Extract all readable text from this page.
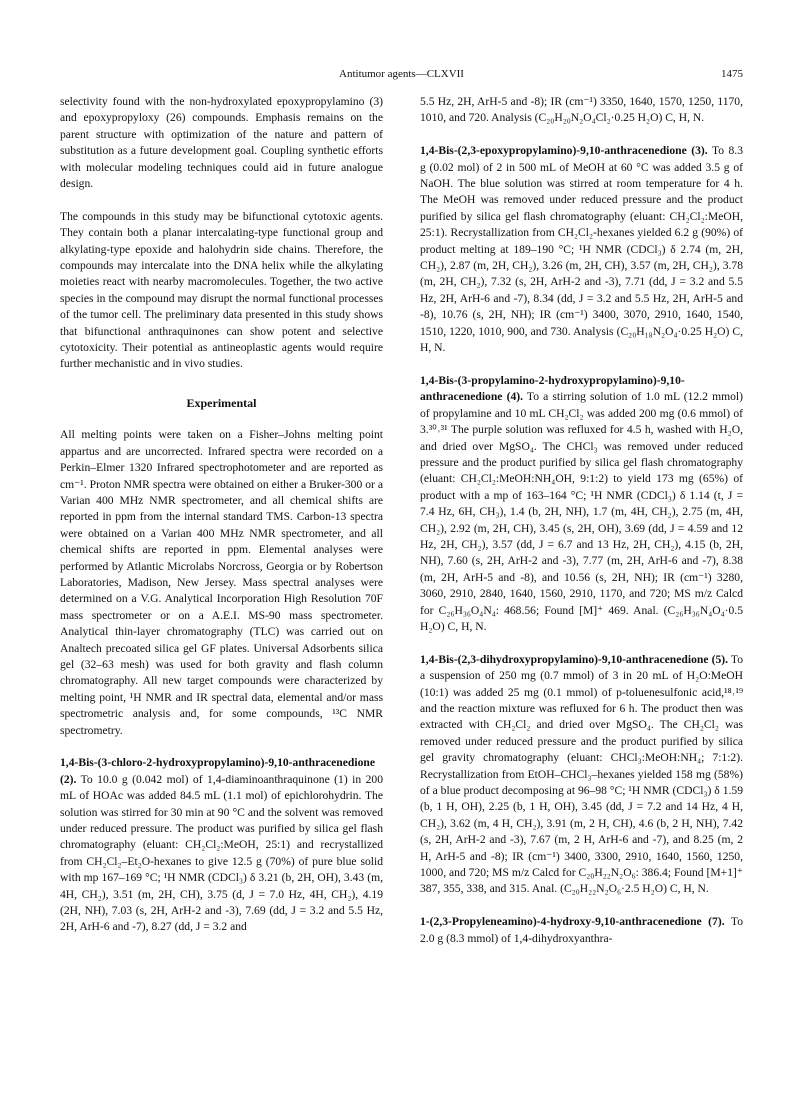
Antitumor agents—CLXVII	1475

selectivity found with the non-hydroxylated epoxypropylamino (3) and epoxypropyloxy (26) compounds. Emphasis remains on the parent structure with optimization of the nature and pattern of substitution as a future development goal. Coupling synthetic efforts with molecular modeling techniques could aid in future analogue design.

The compounds in this study may be bifunctional cytotoxic agents. They contain both a planar intercalating-type functional group and alkylating-type epoxide and halohydrin side chains. Therefore, the compounds may intercalate into the DNA helix while the alkylating moieties react with nearby macromolecules. Together, the two active species in the compound may disrupt the normal functional processes of the tumor cell. The preliminary data presented in this study shows that bifunctional anthraquinones can show potent and selective cytotoxicity. Their potential as antineoplastic agents would require further mechanistic and in vivo studies.

Experimental

All melting points were taken on a Fisher–Johns melting point appartus and are uncorrected. Infrared spectra were recorded on a Perkin–Elmer 1320 Infrared spectrophotometer and are reported as cm⁻¹. Proton NMR spectra were obtained on either a Bruker-300 or a Varian 400 MHz NMR spectrometer, and all chemical shifts are reported in ppm from the internal standard TMS. Carbon-13 spectra were obtained on a Varian 400 MHz NMR spectrometer, and all chemical shifts are reported in ppm. Elemental analyses were performed by Atlantic Microlabs Norcross, Georgia or by Robertson Laboratories, Madison, New Jersey. Mass spectral analyses were determined on a V.G. Analytical Incorporation High Resolution 70F mass spectrometer or on a A.E.I. MS-90 mass spectrometer. Analytical thin-layer chromatography (TLC) was carried out on Analtech precoated silica gel GF plates. Universal Adsorbents silica gel (32–63 mesh) was used for both gravity and flash column chromatography. All new target compounds were characterized by melting point, ¹H NMR and IR spectral data, elemental and/or mass spectrometric analysis and, for some compounds, ¹³C NMR spectrometry.

1,4-Bis-(3-chloro-2-hydroxypropylamino)-9,10-anthracenedione (2). To 10.0 g (0.042 mol) of 1,4-diaminoanthraquinone (1) in 200 mL of HOAc was added 84.5 mL (1.1 mol) of epichlorohydrin. The solution was stirred for 30 min at 90 °C and the solvent was removed under reduced pressure. The product was purified by silica gel flash chromatography (eluant: CH₂Cl₂:MeOH, 25:1) and recrystallized from CH₂Cl₂–Et₂O-hexanes to give 12.5 g (70%) of pure blue solid with mp 167–169 °C; ¹H NMR (CDCl₃) δ 3.21 (b, 2H, OH), 3.43 (m, 4H, CH₂), 3.51 (m, 2H, CH), 3.75 (d, J = 7.0 Hz, 4H, CH₂), 4.19 (2H, NH), 7.03 (s, 2H, ArH-2 and -3), 7.69 (dd, J = 3.2 and 5.5 Hz, 2H, ArH-6 and -7), 8.27 (dd, J = 3.2 and

5.5 Hz, 2H, ArH-5 and -8); IR (cm⁻¹) 3350, 1640, 1570, 1250, 1170, 1010, and 720. Analysis (C₂₀H₂₀N₂O₄Cl₂·0.25 H₂O) C, H, N.

1,4-Bis-(2,3-epoxypropylamino)-9,10-anthracenedione (3). To 8.3 g (0.02 mol) of 2 in 500 mL of MeOH at 60 °C was added 3.5 g of NaOH. The blue solution was stirred at room temperature for 4 h. The MeOH was removed under reduced pressure and the product purified by silica gel flash chromatography (eluant: CH₂Cl₂:MeOH, 25:1). Recrystallization from CH₂Cl₂-hexanes yielded 6.2 g (90%) of product melting at 189–190 °C; ¹H NMR (CDCl₃) δ 2.74 (m, 2H, CH₂), 2.87 (m, 2H, CH₂), 3.26 (m, 2H, CH), 3.57 (m, 2H, CH₂), 3.78 (m, 2H, CH₂), 7.32 (s, 2H, ArH-2 and -3), 7.71 (dd, J = 3.2 and 5.5 Hz, 2H, ArH-6 and -7), 8.34 (dd, J = 3.2 and 5.5 Hz, 2H, ArH-5 and -8), 10.76 (s, 2H, NH); IR (cm⁻¹) 3400, 3070, 2910, 1640, 1540, 1510, 1220, 1010, 900, and 730. Analysis (C₂₀H₁₈N₂O₄·0.25 H₂O) C, H, N.

1,4-Bis-(3-propylamino-2-hydroxypropylamino)-9,10-anthracenedione (4). To a stirring solution of 1.0 mL (12.2 mmol) of propylamine and 10 mL CH₂Cl₂ was added 200 mg (0.6 mmol) of 3.³⁰˒³¹ The purple solution was refluxed for 4.5 h, washed with H₂O, and dried over MgSO₄. The CHCl₃ was removed under reduced pressure and the product purified by silica gel flash chromatography (eluant: CH₂Cl₂:MeOH:NH₄OH, 9:1:2) to yield 173 mg (65%) of product with a mp of 163–164 °C; ¹H NMR (CDCl₃) δ 1.14 (t, J = 7.4 Hz, 6H, CH₃), 1.4 (b, 2H, NH), 1.7 (m, 4H, CH₂), 2.75 (m, 4H, CH₂), 2.92 (m, 2H, CH), 3.45 (s, 2H, OH), 3.69 (dd, J = 4.59 and 12 Hz, 2H, CH₂), 3.57 (dd, J = 6.7 and 13 Hz, 2H, CH₂), 4.15 (b, 2H, NH), 7.60 (s, 2H, ArH-2 and -3), 7.77 (m, 2H, ArH-6 and -7), 8.38 (m, 2H, ArH-5 and -8), and 10.56 (s, 2H, NH); IR (cm⁻¹) 3280, 3060, 2910, 2840, 1640, 1560, 2910, 1170, and 720; MS m/z Calcd for C₂₆H₃₆O₄N₄: 468.56; Found [M]⁺ 469. Anal. (C₂₆H₃₆N₄O₄·0.5 H₂O) C, H, N.

1,4-Bis-(2,3-dihydroxypropylamino)-9,10-anthracenedione (5). To a suspension of 250 mg (0.7 mmol) of 3 in 20 mL of H₂O:MeOH (10:1) was added 25 mg (0.1 mmol) of p-toluenesulfonic acid,¹⁸˒¹⁹ and the reaction mixture was refluxed for 6 h. The product then was extracted with CH₂Cl₂ and dried over MgSO₄. The CH₂Cl₂ was removed under reduced pressure and the product purified by silica gel gravity chromatography (eluant: CHCl₃:MeOH:NH₄; 7:1:2). Recrystallization from EtOH–CHCl₃–hexanes yielded 158 mg (58%) of a blue product decomposing at 96–98 °C; ¹H NMR (CDCl₃) δ 1.59 (b, 1 H, OH), 2.25 (b, 1 H, OH), 3.45 (dd, J = 7.2 and 14 Hz, 4 H, CH₂), 3.62 (m, 4 H, CH₂), 3.91 (m, 2 H, CH), 4.6 (b, 2 H, NH), 7.42 (s, 2H, ArH-2 and -3), 7.67 (m, 2 H, ArH-6 and -7), and 8.25 (m, 2 H, ArH-5 and -8); IR (cm⁻¹) 3400, 3300, 2910, 1640, 1560, 1250, 1000, and 720; MS m/z Calcd for C₂₀H₂₂N₂O₆: 386.4; Found [M+1]⁺ 387, 355, 338, and 315. Anal. (C₂₀H₂₂N₂O₆·2.5 H₂O) C, H, N.

1-(2,3-Propyleneamino)-4-hydroxy-9,10-anthracenedione (7). To 2.0 g (8.3 mmol) of 1,4-dihydroxyanthra-
